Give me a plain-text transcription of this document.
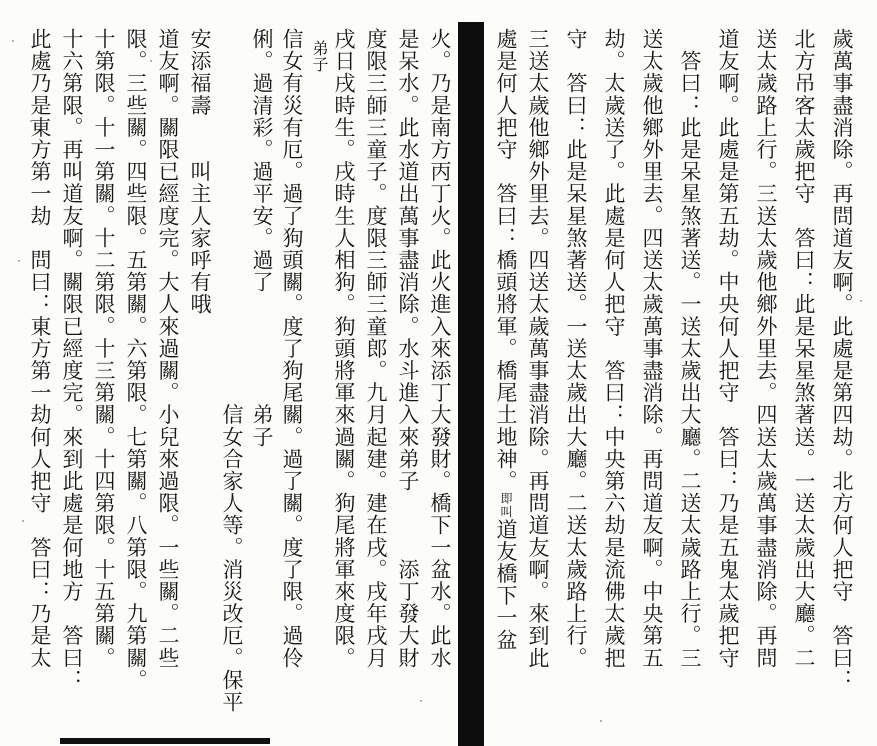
歲萬事盡消除。再問道友啊。此處是第四劫。北方何人把守　答曰：
北方吊客太歲把守　答曰：此是呆星煞著送。一送太歲出大廳。二
送太歲路上行。三送太歲他鄉外里去。四送太歲萬事盡消除。再問
道友啊。此處是第五劫。中央何人把守　答曰：乃是五鬼太歲把守
　答曰：此是呆星煞著送。一送太歲出大廳。二送太歲路上行。三
送太歲他鄉外里去。四送太歲萬事盡消除。再問道友啊。中央第五
劫。太歲送了。此處是何人把守　答曰：中央第六劫是流佛太歲把
守　答曰：此是呆星煞著送。一送太歲出大廳。二送太歲路上行。
三送太歲他鄉外里去。四送太歲萬事盡消除。再問道友啊。來到此
處是何人把守　答曰：橋頭將軍。橋尾土地神。即叫道友橋下一盆
火。乃是南方丙丁火。此火進入來添丁大發財。橋下一盆水。此水
是呆水。此水道出萬事盡消除。水斗進入來弟子　　　添丁發大財
度限三師三童子。度限三師三童郎。九月起建。建在戌。戌年戌月
戌日戌時生。戌時生人相狗。狗頭將軍來過關。狗尾將軍來度限。
弟子
信女有災有厄。過了狗頭關。度了狗尾關。過了關。度了限。過伶
俐。過清彩。過平安。過了　　　　　弟子
　　　　　　　　　　　　　　　　　信女合家人等。消災改厄。保平
安添福壽　　叫主人家呼有哦
道友啊。關限已經度完。大人來過關。小兒來過限。一些關。二些
限。三些關。四些限。五第關。六第限。七第關。八第限。九第關。
十第限。十一第關。十二第限。十三第關。十四第限。十五第關。
十六第限。再叫道友啊。關限已經度完。來到此處是何地方　答曰：
此處乃是東方第一劫　問曰：東方第一劫何人把守　答曰：乃是太
